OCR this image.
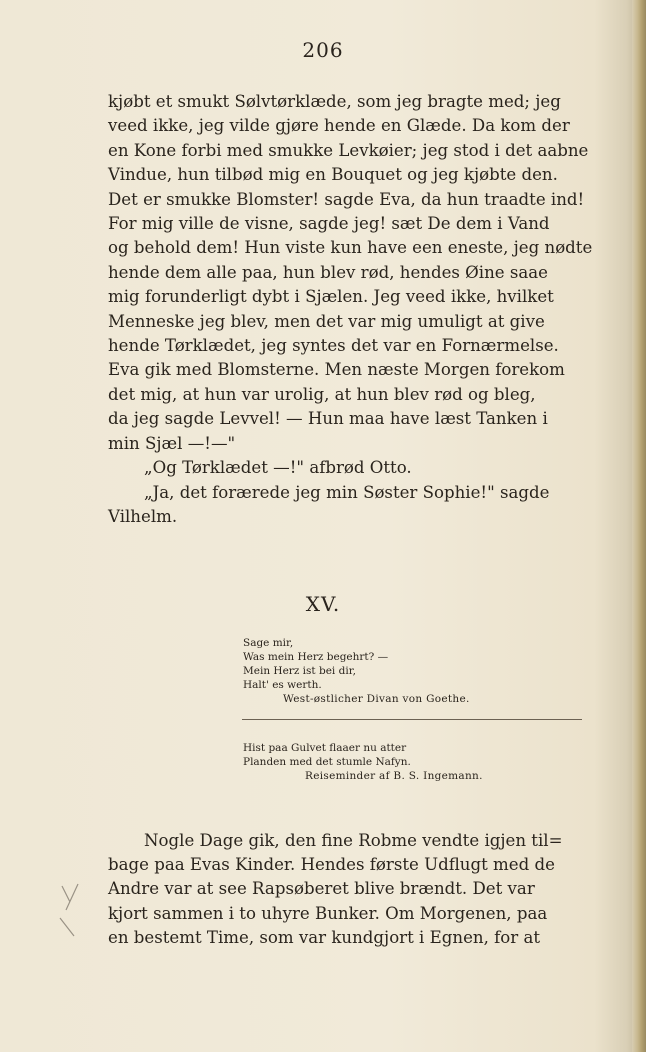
206

kjøbt et smukt Sølvtørklæde, som jeg bragte med; jeg

veed ikke, jeg vilde gjøre hende en Glæde. Da kom der

en Kone forbi med smukke Levkøier; jeg stod i det aabne

Vindue, hun tilbød mig en Bouquet og jeg kjøbte den.

Det er smukke Blomster! sagde Eva, da hun traadte ind!

For mig ville de visne, sagde jeg! sæt De dem i Vand

og behold dem! Hun viste kun have een eneste, jeg nødte

hende dem alle paa, hun blev rød, hendes Øine saae

mig forunderligt dybt i Sjælen. Jeg veed ikke, hvilket

Menneske jeg blev, men det var mig umuligt at give

hende Tørklædet, jeg syntes det var en Fornærmelse.

Eva gik med Blomsterne. Men næste Morgen forekom

det mig, at hun var urolig, at hun blev rød og bleg,

da jeg sagde Levvel! — Hun maa have læst Tanken i

min Sjæl —!—"

„Og Tørklædet —!" afbrød Otto.

„Ja, det forærede jeg min Søster Sophie!" sagde

Vilhelm.

XV.

Sage mir,

Was mein Herz begehrt? —

Mein Herz ist bei dir,

Halt' es werth.

West-østlicher Divan von Goethe.

Hist paa Gulvet flaaer nu atter

Planden med det stumle Nafyn.

Reiseminder af B. S. Ingemann.

Nogle Dage gik, den fine Robme vendte igjen til=

bage paa Evas Kinder. Hendes første Udflugt med de

Andre var at see Rapsøberet blive brændt. Det var

kjort sammen i to uhyre Bunker. Om Morgenen, paa

en bestemt Time, som var kundgjort i Egnen, for at
